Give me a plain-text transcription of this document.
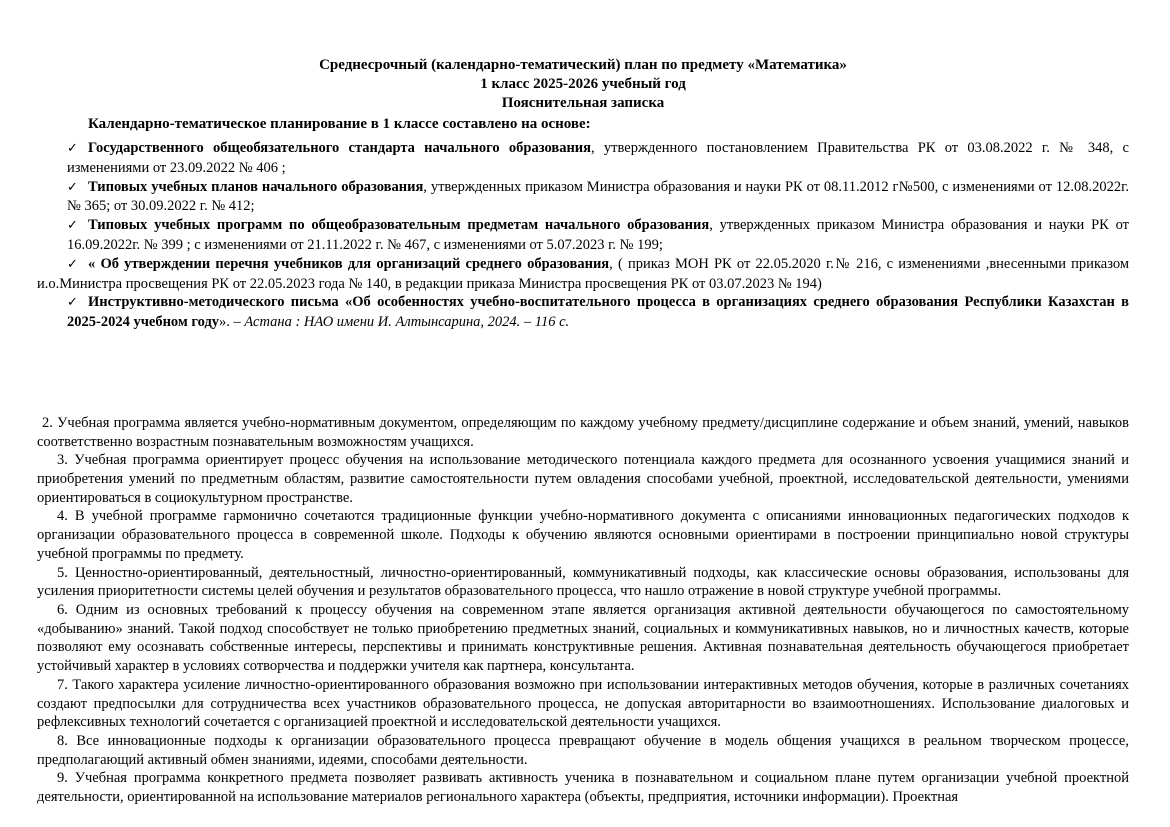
Среднесрочный (календарно-тематический) план по предмету «Математика»
1 класс 2025-2026 учебный год
Пояснительная записка
Календарно-тематическое планирование в 1 классе составлено на основе:
✓ Государственного общеобязательного стандарта начального образования, утвержденного постановлением Правительства РК от 03.08.2022 г. № 348, с изменениями от 23.09.2022 № 406 ;
✓ Типовых учебных планов начального образования, утвержденных приказом Министра образования и науки РК от 08.11.2012 г№500, с изменениями от 12.08.2022г. № 365; от 30.09.2022 г. № 412;
✓ Типовых учебных программ по общеобразовательным предметам начального образования, утвержденных приказом Министра образования и науки РК от 16.09.2022г. № 399 ; с изменениями от 21.11.2022 г. № 467, с изменениями от 5.07.2023 г. № 199;
✓ « Об утверждении перечня учебников для организаций среднего образования, ( приказ МОН РК от 22.05.2020 г.№ 216, с изменениями ,внесенными приказом и.о.Министра просвещения РК от 22.05.2023 года № 140, в редакции приказа Министра просвещения РК от 03.07.2023 № 194)
✓ Инструктивно-методического письма «Об особенностях учебно-воспитательного процесса в организациях среднего образования Республики Казахстан в 2025-2024 учебном году». – Астана : НАО имени И. Алтынсарина, 2024. – 116 с.

2. Учебная программа является учебно-нормативным документом, определяющим по каждому учебному предмету/дисциплине содержание и объем знаний, умений, навыков соответственно возрастным познавательным возможностям учащихся.

3. Учебная программа ориентирует процесс обучения на использование методического потенциала каждого предмета для осознанного усвоения учащимися знаний и приобретения умений по предметным областям, развитие самостоятельности путем овладения способами учебной, проектной, исследовательской деятельности, умениями ориентироваться в социокультурном пространстве.

4. В учебной программе гармонично сочетаются традиционные функции учебно-нормативного документа с описаниями инновационных педагогических подходов к организации образовательного процесса в современной школе. Подходы к обучению являются основными ориентирами в построении принципиально новой структуры учебной программы по предмету.

5. Ценностно-ориентированный, деятельностный, личностно-ориентированный, коммуникативный подходы, как классические основы образования, использованы для усиления приоритетности системы целей обучения и результатов образовательного процесса, что нашло отражение в новой структуре учебной программы.

6. Одним из основных требований к процессу обучения на современном этапе является организация активной деятельности обучающегося по самостоятельному «добыванию» знаний. Такой подход способствует не только приобретению предметных знаний, социальных и коммуникативных навыков, но и личностных качеств, которые позволяют ему осознавать собственные интересы, перспективы и принимать конструктивные решения. Активная познавательная деятельность обучающегося приобретает устойчивый характер в условиях сотворчества и поддержки учителя как партнера, консультанта.

7. Такого характера усиление личностно-ориентированного образования возможно при использовании интерактивных методов обучения, которые в различных сочетаниях создают предпосылки для сотрудничества всех участников образовательного процесса, не допуская авторитарности во взаимоотношениях. Использование диалоговых и рефлексивных технологий сочетается с организацией проектной и исследовательской деятельности учащихся.

8. Все инновационные подходы к организации образовательного процесса превращают обучение в модель общения учащихся в реальном творческом процессе, предполагающий активный обмен знаниями, идеями, способами деятельности.

9. Учебная программа конкретного предмета позволяет развивать активность ученика в познавательном и социальном плане путем организации учебной проектной деятельности, ориентированной на использование материалов регионального характера (объекты, предприятия, источники информации). Проектная
